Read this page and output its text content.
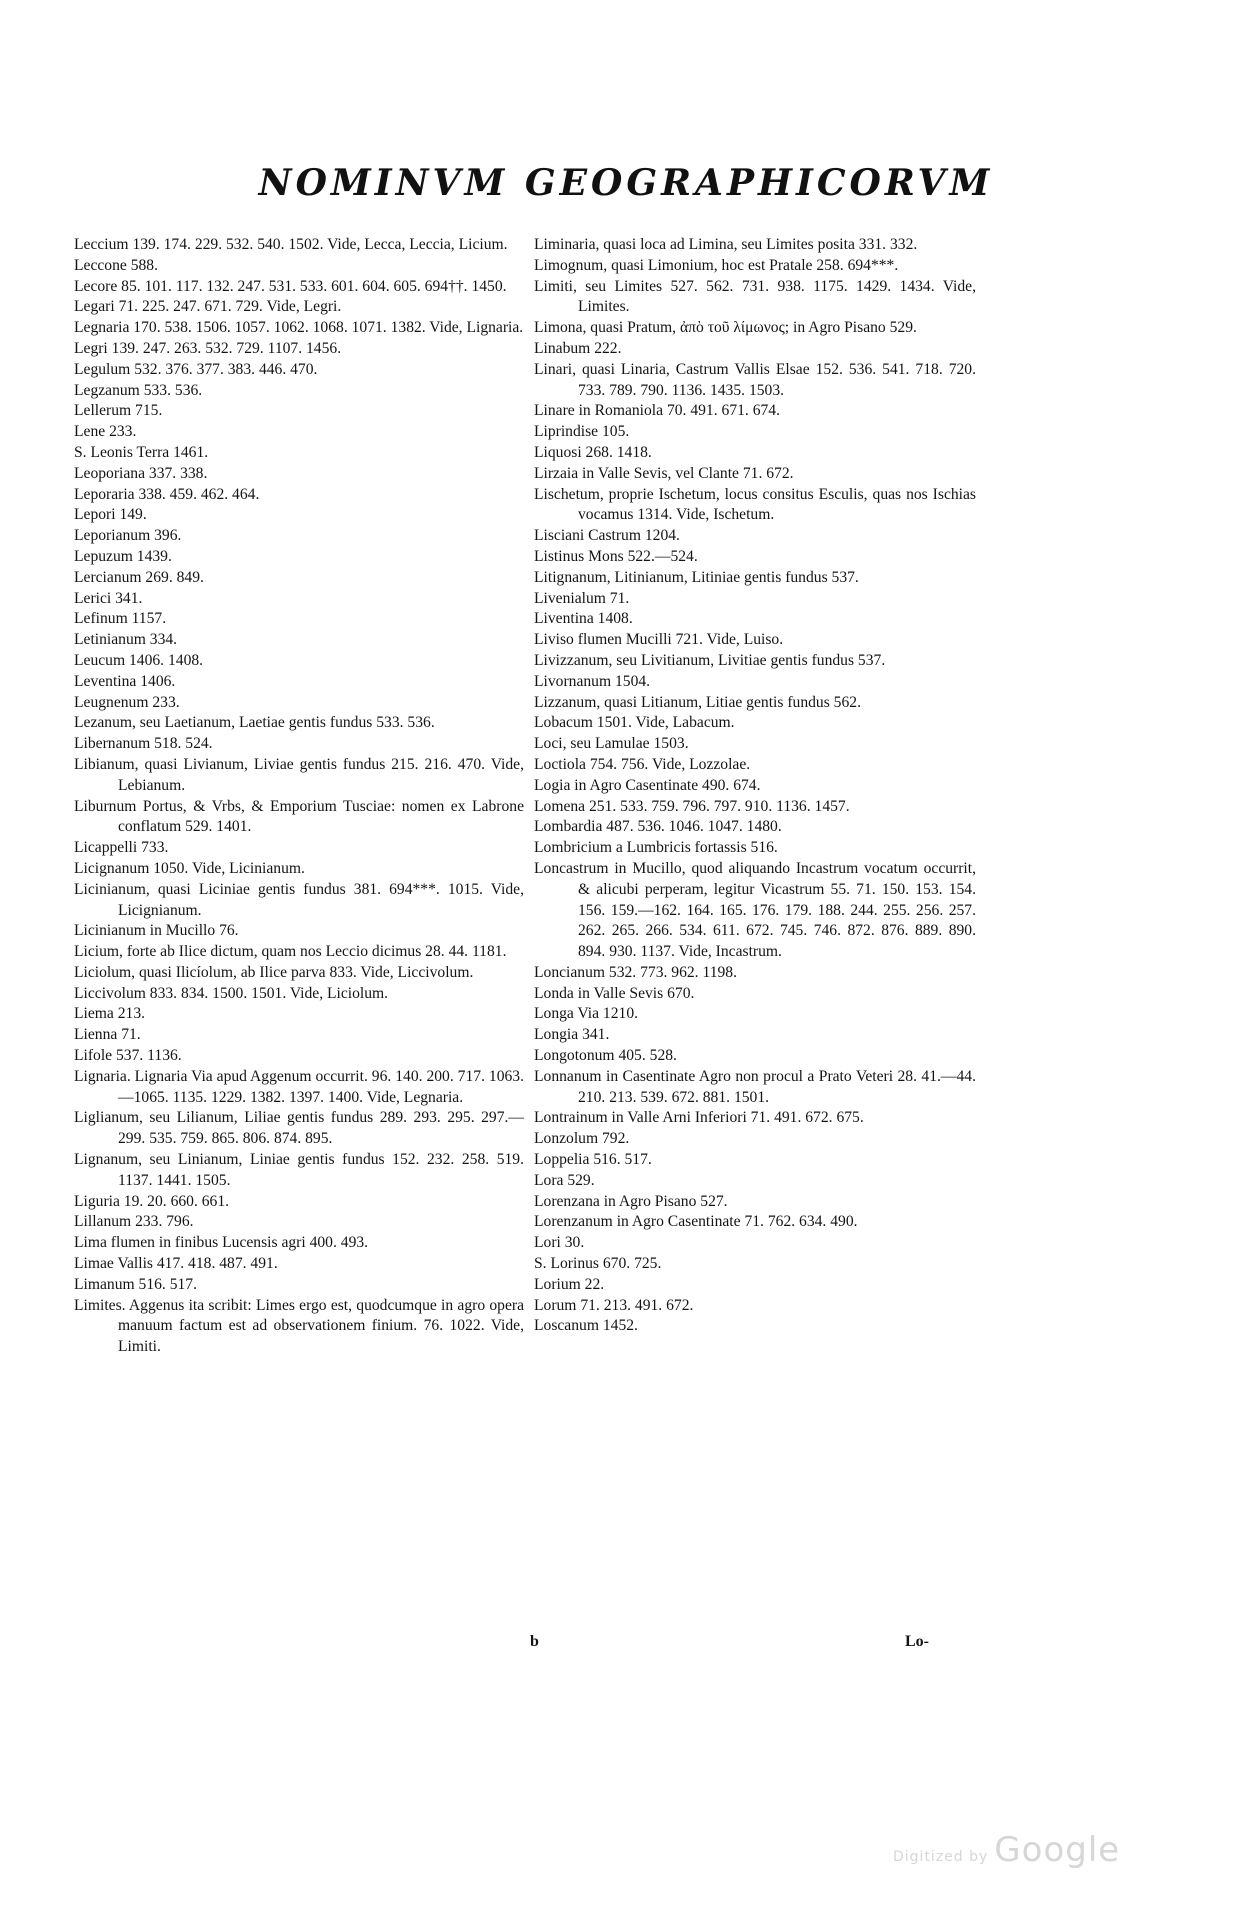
NOMINVM GEOGRAPHICORVM

Leccium 139. 174. 229. 532. 540. 1502. Vide, Lecca, Leccia, Licium.

Leccone 588.

Lecore 85. 101. 117. 132. 247. 531. 533. 601. 604. 605. 694††. 1450.

Legari 71. 225. 247. 671. 729. Vide, Legri.

Legnaria 170. 538. 1506. 1057. 1062. 1068. 1071. 1382. Vide, Lignaria.

Legri 139. 247. 263. 532. 729. 1107. 1456.

Legulum 532. 376. 377. 383. 446. 470.

Legzanum 533. 536.

Lellerum 715.

Lene 233.

S. Leonis Terra 1461.

Leoporiana 337. 338.

Leporaria 338. 459. 462. 464.

Lepori 149.

Leporianum 396.

Lepuzum 1439.

Lercianum 269. 849.

Lerici 341.

Lefinum 1157.

Letinianum 334.

Leucum 1406. 1408.

Leventina 1406.

Leugnenum 233.

Lezanum, seu Laetianum, Laetiae gentis fundus 533. 536.

Libernanum 518. 524.

Libianum, quasi Livianum, Liviae gentis fundus 215. 216. 470. Vide, Lebianum.

Liburnum Portus, & Vrbs, & Emporium Tusciae: nomen ex Labrone conflatum 529. 1401.

Licappelli 733.

Licignanum 1050. Vide, Licinianum.

Licinianum, quasi Liciniae gentis fundus 381. 694***. 1015. Vide, Licignianum.

Licinianum in Mucillo 76.

Licium, forte ab Ilice dictum, quam nos Leccio dicimus 28. 44. 1181.

Liciolum, quasi Ilicíolum, ab Ilice parva 833. Vide, Liccivolum.

Liccivolum 833. 834. 1500. 1501. Vide, Liciolum.

Liema 213.

Lienna 71.

Lifole 537. 1136.

Lignaria. Lignaria Via apud Aggenum occurrit. 96. 140. 200. 717. 1063.—1065. 1135. 1229. 1382. 1397. 1400. Vide, Legnaria.

Liglianum, seu Lilianum, Liliae gentis fundus 289. 293. 295. 297.—299. 535. 759. 865. 806. 874. 895.

Lignanum, seu Linianum, Liniae gentis fundus 152. 232. 258. 519. 1137. 1441. 1505.

Liguria 19. 20. 660. 661.

Lillanum 233. 796.

Lima flumen in finibus Lucensis agri 400. 493.

Limae Vallis 417. 418. 487. 491.

Limanum 516. 517.

Limites. Aggenus ita scribit: Limes ergo est, quodcumque in agro opera manuum factum est ad observationem finium. 76. 1022. Vide, Limiti.

Liminaria, quasi loca ad Limina, seu Limites posita 331. 332.

Limognum, quasi Limonium, hoc est Pratale 258. 694***.

Limiti, seu Limites 527. 562. 731. 938. 1175. 1429. 1434. Vide, Limites.

Limona, quasi Pratum, ἀπὸ τοῦ λίμωνος; in Agro Pisano 529.

Linabum 222.

Linari, quasi Linaria, Castrum Vallis Elsae 152. 536. 541. 718. 720. 733. 789. 790. 1136. 1435. 1503.

Linare in Romaniola 70. 491. 671. 674.

Liprindise 105.

Liquosi 268. 1418.

Lirzaia in Valle Sevis, vel Clante 71. 672.

Lischetum, proprie Ischetum, locus consitus Esculis, quas nos Ischias vocamus 1314. Vide, Ischetum.

Lisciani Castrum 1204.

Listinus Mons 522.—524.

Litignanum, Litinianum, Litiniae gentis fundus 537.

Livenialum 71.

Liventina 1408.

Liviso flumen Mucilli 721. Vide, Luiso.

Livizzanum, seu Livitianum, Livitiae gentis fundus 537.

Livornanum 1504.

Lizzanum, quasi Litianum, Litiae gentis fundus 562.

Lobacum 1501. Vide, Labacum.

Loci, seu Lamulae 1503.

Loctiola 754. 756. Vide, Lozzolae.

Logia in Agro Casentinate 490. 674.

Lomena 251. 533. 759. 796. 797. 910. 1136. 1457.

Lombardia 487. 536. 1046. 1047. 1480.

Lombricium a Lumbricis fortassis 516.

Loncastrum in Mucillo, quod aliquando Incastrum vocatum occurrit, & alicubi perperam, legitur Vicastrum 55. 71. 150. 153. 154. 156. 159.—162. 164. 165. 176. 179. 188. 244. 255. 256. 257. 262. 265. 266. 534. 611. 672. 745. 746. 872. 876. 889. 890. 894. 930. 1137. Vide, Incastrum.

Loncianum 532. 773. 962. 1198.

Londa in Valle Sevis 670.

Longa Via 1210.

Longia 341.

Longotonum 405. 528.

Lonnanum in Casentinate Agro non procul a Prato Veteri 28. 41.—44. 210. 213. 539. 672. 881. 1501.

Lontrainum in Valle Arni Inferiori 71. 491. 672. 675.

Lonzolum 792.

Loppelia 516. 517.

Lora 529.

Lorenzana in Agro Pisano 527.

Lorenzanum in Agro Casentinate 71. 762. 634. 490.

Lori 30.

S. Lorinus 670. 725.

Lorium 22.

Lorum 71. 213. 491. 672.

Loscanum 1452.

b	Lo-
Digitized by Google
